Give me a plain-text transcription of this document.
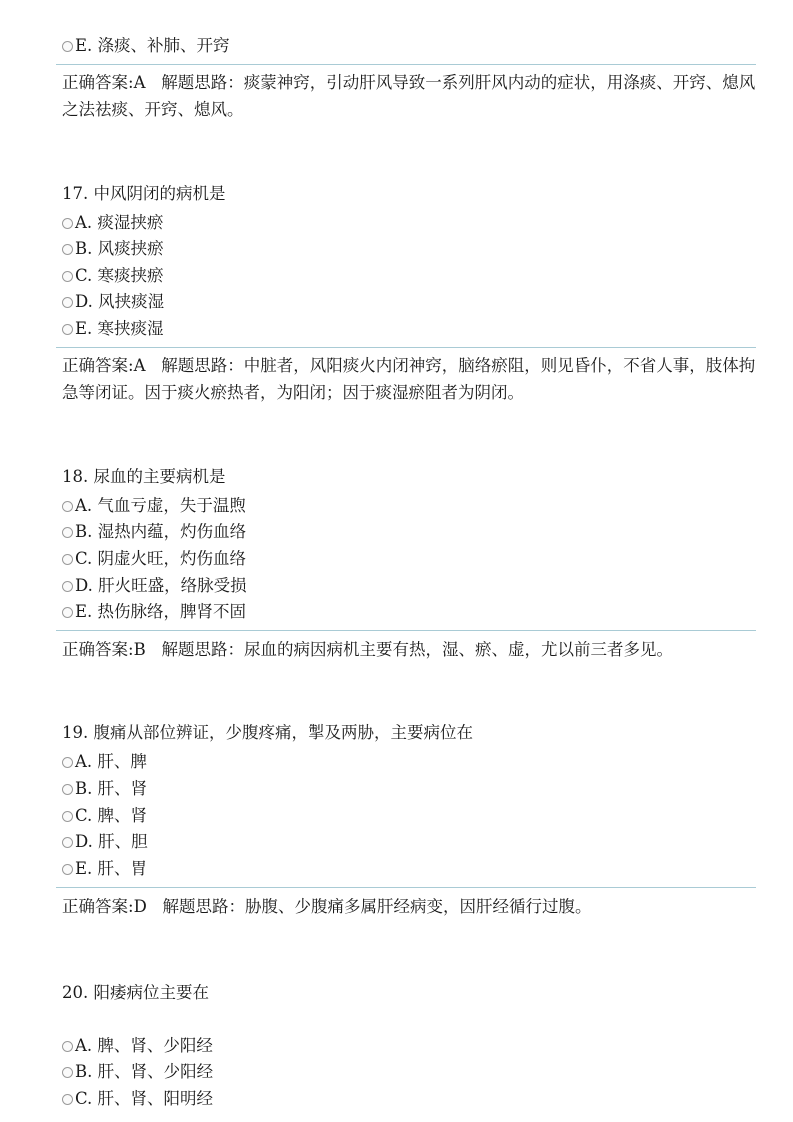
E. 涤痰、补肺、开窍
正确答案:A 解题思路：痰蒙神窍，引动肝风导致一系列肝风内动的症状，用涤痰、开窍、熄风之法祛痰、开窍、熄风。
17. 中风阴闭的病机是
A. 痰湿挟瘀
B. 风痰挟瘀
C. 寒痰挟瘀
D. 风挟痰湿
E. 寒挟痰湿
正确答案:A 解题思路：中脏者，风阳痰火内闭神窍，脑络瘀阻，则见昏仆，不省人事，肢体拘急等闭证。因于痰火瘀热者，为阳闭；因于痰湿瘀阻者为阴闭。
18. 尿血的主要病机是
A. 气血亏虚，失于温煦
B. 湿热内蕴，灼伤血络
C. 阴虚火旺，灼伤血络
D. 肝火旺盛，络脉受损
E. 热伤脉络，脾肾不固
正确答案:B 解题思路：尿血的病因病机主要有热，湿、瘀、虚，尤以前三者多见。
19. 腹痛从部位辨证，少腹疼痛，掣及两胁，主要病位在
A. 肝、脾
B. 肝、肾
C. 脾、肾
D. 肝、胆
E. 肝、胃
正确答案:D 解题思路：胁腹、少腹痛多属肝经病变，因肝经循行过腹。
20. 阳痿病位主要在
A. 脾、肾、少阳经
B. 肝、肾、少阳经
C. 肝、肾、阳明经
